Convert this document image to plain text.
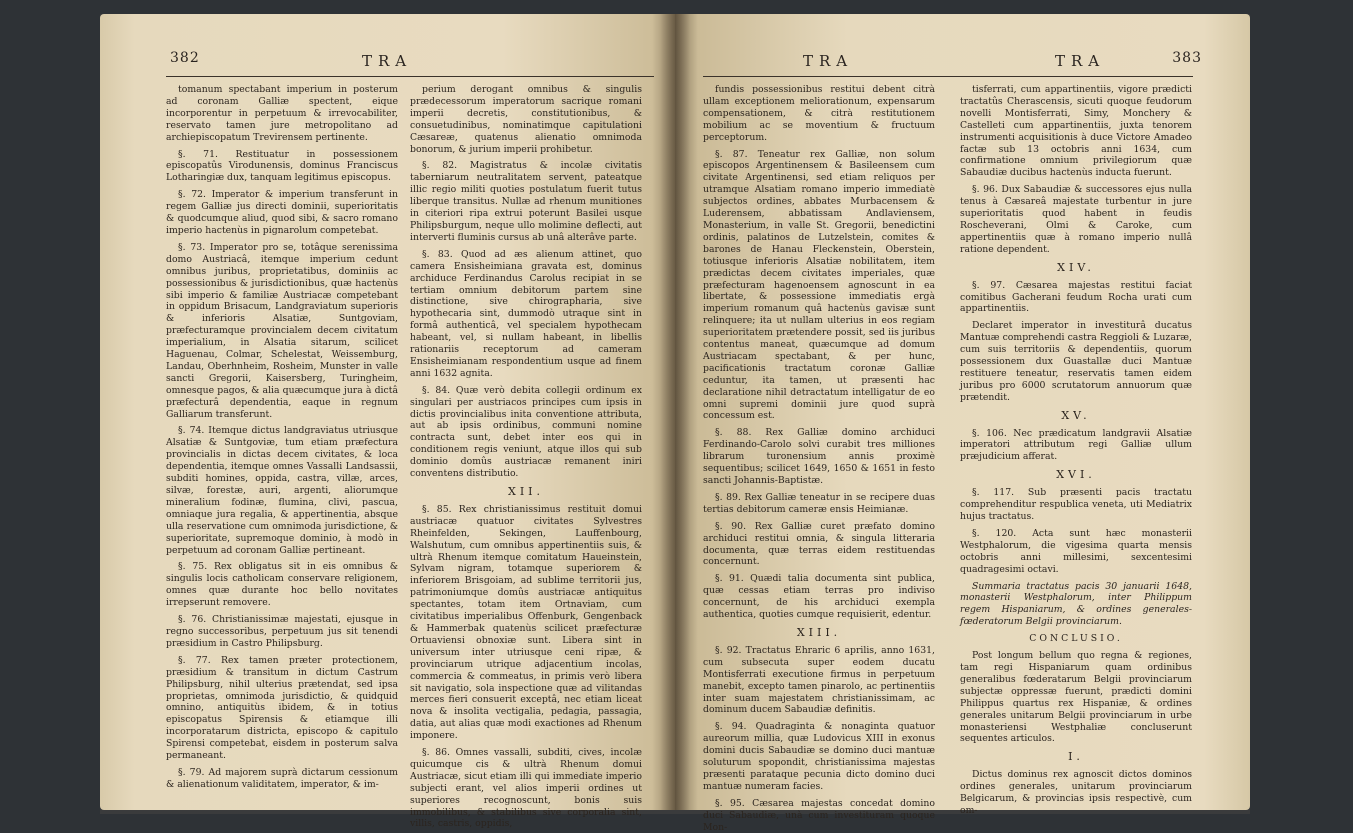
382	TRA

tomanum spectabant imperium in posterum ad coronam Galliæ spectent, eique incorporentur in perpetuum & irrevocabiliter, reservato tamen jure metropolitano ad archiepiscopatum Trevirensem pertinente.

§. 71. Restituatur in possessionem episcopatûs Virodunensis, dominus Franciscus Lotharingiæ dux, tanquam legitimus episcopus.

§. 72. Imperator & imperium transferunt in regem Galliæ jus directi dominii, superioritatis & quodcumque aliud, quod sibi, & sacro romano imperio hactenùs in pignarolum competebat.

§. 73. Imperator pro se, totâque serenissima domo Austriacâ, itemque imperium cedunt omnibus juribus, proprietatibus, dominiis ac possessionibus & jurisdictionibus, quæ hactenùs sibi imperio & familiæ Austriacæ competebant in oppidum Brisacum, Landgraviatum superioris & inferioris Alsatiæ, Suntgoviam, præfecturamque provincialem decem civitatum imperialium, in Alsatia sitarum, scilicet Haguenau, Colmar, Schelestat, Weissemburg, Landau, Oberhnheim, Rosheim, Munster in valle sancti Gregorii, Kaisersberg, Turingheim, omnesque pagos, & alia quæcumque jura à dictâ præfecturâ dependentia, eaque in regnum Galliarum transferunt.

§. 74. Itemque dictus landgraviatus utriusque Alsatiæ & Suntgoviæ, tum etiam præfectura provincialis in dictas decem civitates, & loca dependentia, itemque omnes Vassalli Landsassii, subditi homines, oppida, castra, villæ, arces, silvæ, forestæ, auri, argenti, aliorumque mineralium fodinæ, flumina, clivi, pascua, omniaque jura regalia, & appertinentia, absque ulla reservatione cum omnimoda jurisdictione, & superioritate, supremoque dominio, à modò in perpetuum ad coronam Galliæ pertineant.

§. 75. Rex obligatus sit in eis omnibus & singulis locis catholicam conservare religionem, omnes quæ durante hoc bello novitates irrepserunt removere.

§. 76. Christianissimæ majestati, ejusque in regno successoribus, perpetuum jus sit tenendi præsidium in Castro Philipsburg.

§. 77. Rex tamen præter protectionem, præsidium & transitum in dictum Castrum Philipsburg, nihil ulterius prætendat, sed ipsa proprietas, omnimoda jurisdictio, & quidquid omnino, antiquitùs ibidem, & in totius episcopatus Spirensis & etiamque illi incorporatarum districta, episcopo & capitulo Spirensi competebat, eisdem in posterum salva permaneant.

§. 79. Ad majorem suprà dictarum cessionum & alienationum validitatem, imperator, & im-

perium derogant omnibus & singulis prædecessorum imperatorum sacrique romani imperii decretis, constitutionibus, & consuetudinibus, nominatimque capitulationi Cæsareæ, quatenus alienatio omnimoda bonorum, & jurium imperii prohibetur.

§. 82. Magistratus & incolæ civitatis taberniarum neutralitatem servent, pateatque illic regio militi quoties postulatum fuerit tutus liberque transitus. Nullæ ad rhenum munitiones in citeriori ripa extrui poterunt Basilei usque Philipsburgum, neque ullo molimine deflecti, aut interverti fluminis cursus ab unâ alterâve parte.

§. 83. Quod ad æs alienum attinet, quo camera Ensisheimiana gravata est, dominus archiduce Ferdinandus Carolus recipiat in se tertiam omnium debitorum partem sine distinctione, sive chirographaria, sive hypothecaria sint, dummodò utraque sint in formâ authenticâ, vel specialem hypothecam habeant, vel, si nullam habeant, in libellis rationariis receptorum ad cameram Ensisheimianam respondentium usque ad finem anni 1632 agnita.

§. 84. Quæ verò debita collegii ordinum ex singulari per austriacos principes cum ipsis in dictis provincialibus inita conventione attributa, aut ab ipsis ordinibus, communi nomine contracta sunt, debet inter eos qui in conditionem regis veniunt, atque illos qui sub dominio domûs austriacæ remanent iniri conventens distributio.

XII.

§. 85. Rex christianissimus restituit domui austriacæ quatuor civitates Sylvestres Rheinfelden, Sekingen, Lauffenbourg, Walshutum, cum omnibus appertinentiis suis, & ultrà Rhenum itemque comitatum Haueinstein, Sylvam nigram, totamque superiorem & inferiorem Brisgoiam, ad sublime territorii jus, patrimoniumque domûs austriacæ antiquitus spectantes, totam item Ortnaviam, cum civitatibus imperialibus Offenburk, Gengenback & Hammerbak quatenùs scilicet præfecturæ Ortuaviensi obnoxiæ sunt. Libera sint in universum inter utriusque ceni ripæ, & provinciarum utrique adjacentium incolas, commercia & commeatus, in primis verò libera sit navigatio, sola inspectione quæ ad vilitandas merces fieri consuerit exceptâ, nec etiam liceat nova & insolita vectigalia, pedagia, passagia, datia, aut alias quæ modi exactiones ad Rhenum imponere.

§. 86. Omnes vassalli, subditi, cives, incolæ quicumque cis & ultrà Rhenum domui Austriacæ, sicut etiam illi qui immediate imperio subjecti erant, vel alios imperii ordines ut superiores recognoscunt, bonis suis immobilibus, & stabilibus sive corporalia sint, villis, castris, oppidis,

TRA	TRA	383

fundis possessionibus restitui debent citrà ullam exceptionem meliorationum, expensarum compensationem, & citrà restitutionem mobilium ac se moventium & fructuum perceptorum.

§. 87. Teneatur rex Galliæ, non solum episcopos Argentinensem & Basileensem cum civitate Argentinensi, sed etiam reliquos per utramque Alsatiam romano imperio immediatè subjectos ordines, abbates Murbacensem & Luderensem, abbatissam Andlaviensem, Monasterium, in valle St. Gregorii, benedictini ordinis, palatinos de Lutzelstein, comites & barones de Hanau Fleckenstein, Oberstein, totiusque inferioris Alsatiæ nobilitatem, item prædictas decem civitates imperiales, quæ præfecturam hagenoensem agnoscunt in ea libertate, & possessione immediatis ergà imperium romanum quâ hactenùs gavisæ sunt relinquere; ita ut nullam ulterius in eos regiam superioritatem prætendere possit, sed iis juribus contentus maneat, quæcumque ad domum Austriacam spectabant, & per hunc, pacificationis tractatum coronæ Galliæ ceduntur, ita tamen, ut præsenti hac declaratione nihil detractatum intelligatur de eo omni supremi dominii jure quod suprà concessum est.

§. 88. Rex Galliæ domino archiduci Ferdinando-Carolo solvi curabit tres milliones librarum turonensium annis proximè sequentibus; scilicet 1649, 1650 & 1651 in festo sancti Johannis-Baptistæ.

§. 89. Rex Galliæ teneatur in se recipere duas tertias debitorum cameræ ensis Heimianæ.

§. 90. Rex Galliæ curet præfato domino archiduci restitui omnia, & singula litteraria documenta, quæ terras eidem restituendas concernunt.

§. 91. Quædi talia documenta sint publica, quæ cessas etiam terras pro indiviso concernunt, de his archiduci exempla authentica, quoties cumque requisierit, edentur.

XIII.

§. 92. Tractatus Ehraric 6 aprilis, anno 1631, cum subsecuta super eodem ducatu Montisferrati executione firmus in perpetuum manebit, excepto tamen pinarolo, ac pertinentiis inter suam majestatem christianissimam, ac dominum ducem Sabaudiæ definitis.

§. 94. Quadraginta & nonaginta quatuor aureorum millia, quæ Ludovicus XIII in exonus domini ducis Sabaudiæ se domino duci mantuæ soluturum spopondit, christianissima majestas præsenti parataque pecunia dicto domino duci mantuæ numeram facies.

§. 95. Cæsarea majestas concedat domino duci Sabaudiæ, unà cum investituram quoque Mon-

tisferrati, cum appartinentiis, vigore prædicti tractatûs Cherascensis, sicuti quoque feudorum novelli Montisferrati, Simy, Monchery & Castelleti cum appartinentiis, juxta tenorem instrumenti acquisitionis à duce Victore Amadeo factæ sub 13 octobris anni 1634, cum confirmatione omnium privilegiorum quæ Sabaudiæ ducibus hactenùs inducta fuerunt.

§. 96. Dux Sabaudiæ & successores ejus nulla tenus à Cæsareâ majestate turbentur in jure superioritatis quod habent in feudis Roscheverani, Olmi & Caroke, cum appertinentiis quæ à romano imperio nullâ ratione dependent.

XIV.

§. 97. Cæsarea majestas restitui faciat comitibus Gacherani feudum Rocha urati cum appartinentiis.

Declaret imperator in investiturâ ducatus Mantuæ comprehendi castra Reggioli & Luzaræ, cum suis territoriis & dependentiis, quorum possessionem dux Guastallæ duci Mantuæ restituere teneatur, reservatis tamen eidem juribus pro 6000 scrutatorum annuorum quæ prætendit.

XV.

§. 106. Nec prædicatum landgravii Alsatiæ imperatori attributum regi Galliæ ullum præjudicium afferat.

XVI.

§. 117. Sub præsenti pacis tractatu comprehenditur respublica veneta, uti Mediatrix hujus tractatus.

§. 120. Acta sunt hæc monasterii Westphalorum, die vigesima quarta mensis octobris anni millesimi, sexcentesimi quadragesimi octavi.

Summaria tractatus pacis 30 januarii 1648, monasterii Westphalorum, inter Philippum regem Hispaniarum, & ordines generales-fœderatorum Belgii provinciarum.

CONCLUSIO.

Post longum bellum quo regna & regiones, tam regi Hispaniarum quam ordinibus generalibus fœderatarum Belgii provinciarum subjectæ oppressæ fuerunt, prædicti domini Philippus quartus rex Hispaniæ, & ordines generales unitarum Belgii provinciarum in urbe monasteriensi Westphaliæ concluserunt sequentes articulos.

I.

Dictus dominus rex agnoscit dictos dominos ordines generales, unitarum provinciarum Belgicarum, & provincias ipsis respectivè, cum om-
